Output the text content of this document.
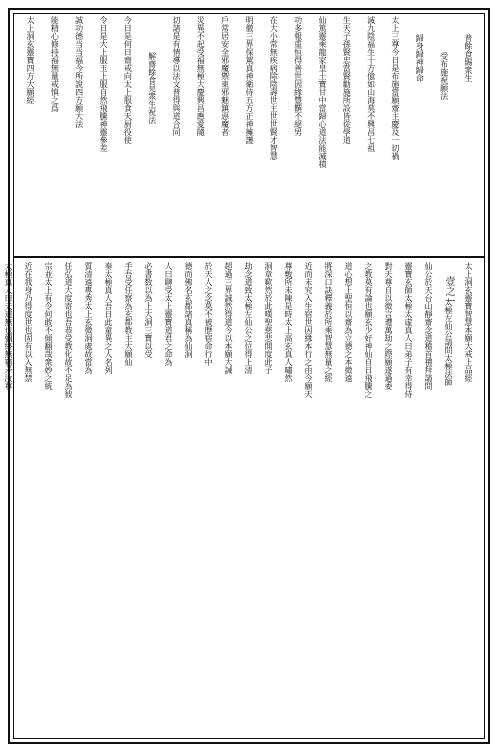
普餘食賜衆生
受布施祝願法
歸身歸神歸命
太上三尊今日是布施當願齋主慶及一切禍
滅九陰福生十方億如山海莫不興昌七祖
生天子孫賢忠當賢勸施所設皆從學道
仙篤靈乘龍家皇土寶甘中當歸心道法能滅積
功多報重恒得善世因緣豐饌不絕男
在大小常無疾病除陰壽世主世世賢才智慧
明徹三界保駕真神衛侍五方正神擁護
戶常居安全邪魔禦東邪魅鎮惡魔者
災異不起受福無極大慶興昌應愛隨
切諸是有情導以法文普得與道合同
解齋餘食見衆生祝法
今日是何日齋戒向太上服食天厨役使
令日是大上服玉上服自然飛騰神靈參差
誠功德当当福今所說四方願大法
能精心修持福無量戒慎之爲
太上洞玄靈寶四方大願經
太上洞玄靈寶智慧本願大戒上品經
太極左仙公請問太極法師
仙公於天台山靜齋念道稽首禮拜請問
靈寶玄師太極太虛真人曰弟子有幸得侍
對天尊自以微言遭萬劫之際願遂過委
之教莫有論也願玄少好神仙自日飛騰之
道心想上聖恒以齋為立德之本微遠
將深口訣釋義於所乘智慧無量之經
近而未究入生宿世因緣本行之由今願天
尊敷所未陳是時太上高玄真人嘯然
洞章歎然於此嘆聖慈悲開度此子
劫念道致太極左仙公之位得上清
超過三界誠然得道今以本願大誡
於天人之念莫不被歷宿命行中
德而佛名玄都諸真稱為仙洞
人曰聊受太上靈寶道君之命為
必書数以為上大洞三寶以受
手吾受任察為玄都教主大願仙
奏太極真人吾日此童異之人名列
質清遠專秀太上玄微洞處故當為
任弘道大度寄也吾恭受教化故不足為彼
宗並太上有令何敢不傾翻哉衆妙之統
近在我身乃得度世也固有以入無禁
太極真人曰夫道無也彌終無窮矛汝尊	壹之一
